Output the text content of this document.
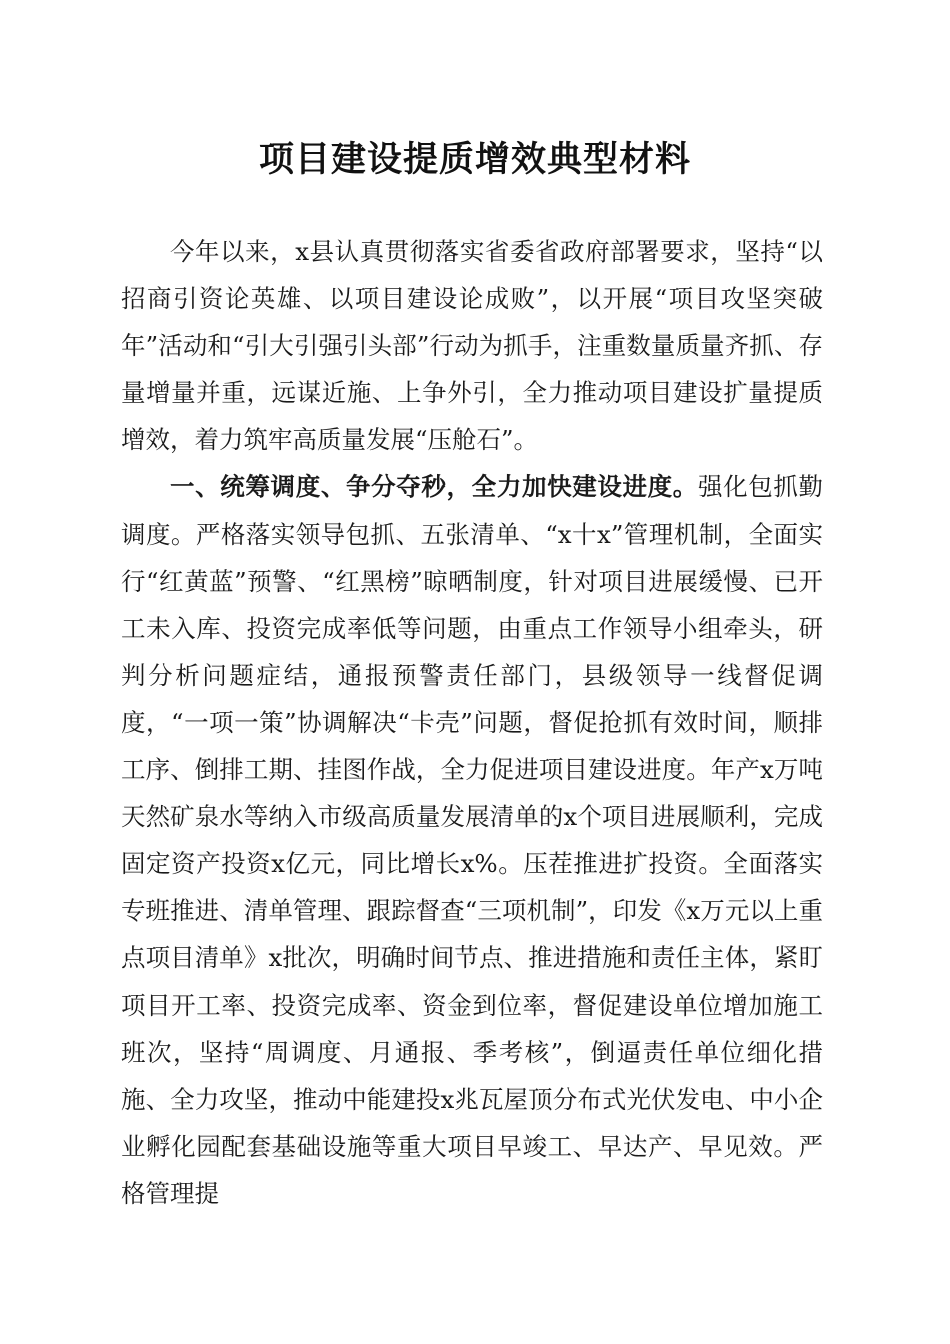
项目建设提质增效典型材料

今年以来，x县认真贯彻落实省委省政府部署要求，坚持“以招商引资论英雄、以项目建设论成败”，以开展“项目攻坚突破年”活动和“引大引强引头部”行动为抓手，注重数量质量齐抓、存量增量并重，远谋近施、上争外引，全力推动项目建设扩量提质增效，着力筑牢高质量发展“压舱石”。

一、统筹调度、争分夺秒，全力加快建设进度。强化包抓勤调度。严格落实领导包抓、五张清单、“x十x”管理机制，全面实行“红黄蓝”预警、“红黑榜”晾晒制度，针对项目进展缓慢、已开工未入库、投资完成率低等问题，由重点工作领导小组牵头，研判分析问题症结，通报预警责任部门，县级领导一线督促调度，“一项一策”协调解决“卡壳”问题，督促抢抓有效时间，顺排工序、倒排工期、挂图作战，全力促进项目建设进度。年产x万吨天然矿泉水等纳入市级高质量发展清单的x个项目进展顺利，完成固定资产投资x亿元，同比增长x%。压茬推进扩投资。全面落实专班推进、清单管理、跟踪督查“三项机制”，印发《x万元以上重点项目清单》x批次，明确时间节点、推进措施和责任主体，紧盯项目开工率、投资完成率、资金到位率，督促建设单位增加施工班次，坚持“周调度、月通报、季考核”，倒逼责任单位细化措施、全力攻坚，推动中能建投x兆瓦屋顶分布式光伏发电、中小企业孵化园配套基础设施等重大项目早竣工、早达产、早见效。严格管理提
